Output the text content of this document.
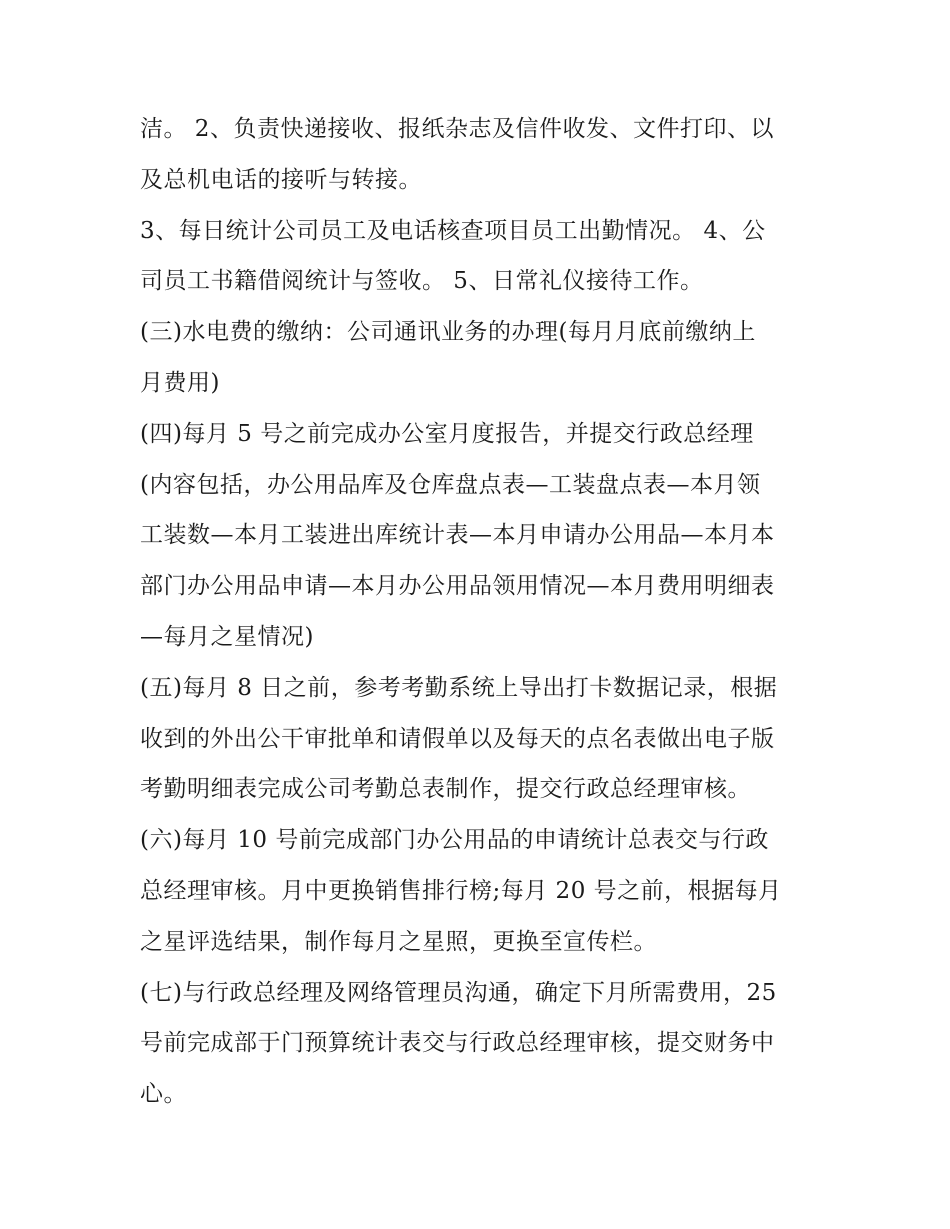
洁。 2、负责快递接收、报纸杂志及信件收发、文件打印、以
及总机电话的接听与转接。
3、每日统计公司员工及电话核查项目员工出勤情况。 4、公
司员工书籍借阅统计与签收。 5、日常礼仪接待工作。
(三)水电费的缴纳：公司通讯业务的办理(每月月底前缴纳上
月费用)
(四)每月 5 号之前完成办公室月度报告，并提交行政总经理
(内容包括，办公用品库及仓库盘点表—工装盘点表—本月领
工装数—本月工装进出库统计表—本月申请办公用品—本月本
部门办公用品申请—本月办公用品领用情况—本月费用明细表
—每月之星情况)
(五)每月 8 日之前，参考考勤系统上导出打卡数据记录，根据
收到的外出公干审批单和请假单以及每天的点名表做出电子版
考勤明细表完成公司考勤总表制作，提交行政总经理审核。
(六)每月 10 号前完成部门办公用品的申请统计总表交与行政
总经理审核。月中更换销售排行榜;每月 20 号之前，根据每月
之星评选结果，制作每月之星照，更换至宣传栏。
(七)与行政总经理及网络管理员沟通，确定下月所需费用，25
号前完成部于门预算统计表交与行政总经理审核，提交财务中
心。
